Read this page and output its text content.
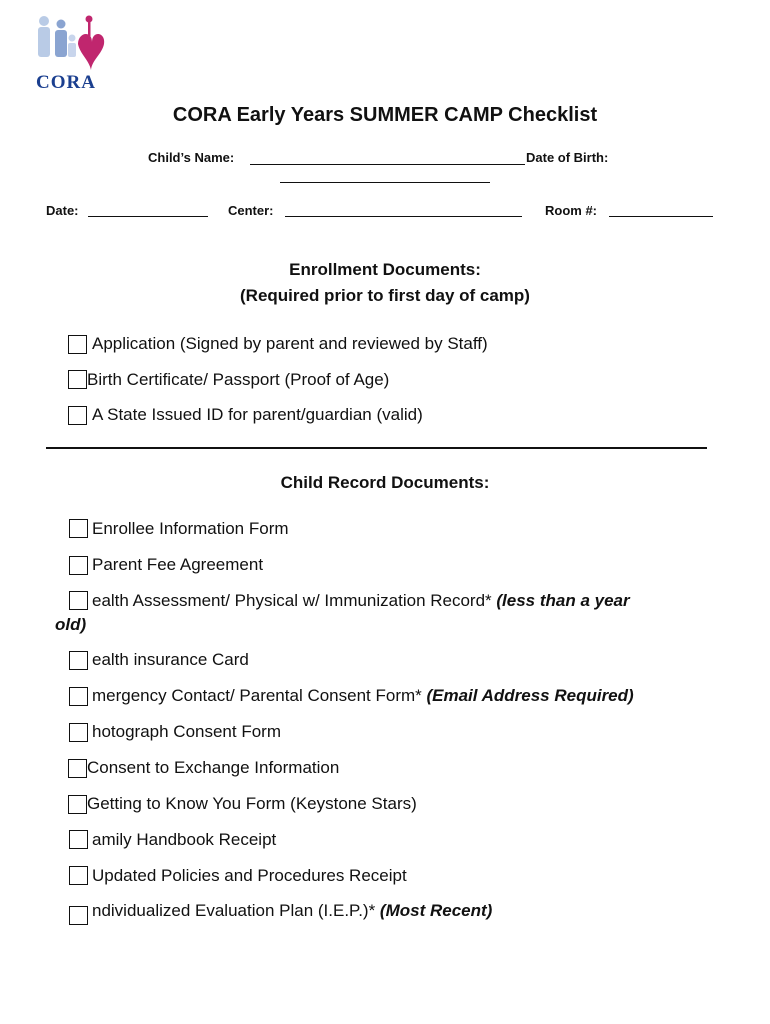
CORA
CORA Early Years SUMMER CAMP Checklist
Child’s Name:	Date of Birth:
Date:	Center:	Room #:
Enrollment Documents:
(Required prior to first day of camp)
Application (Signed by parent and reviewed by Staff)
Birth Certificate/ Passport (Proof of Age)
A State Issued ID for parent/guardian (valid)
Child Record Documents:
Enrollee Information Form
Parent Fee Agreement
ealth Assessment/ Physical w/ Immunization Record* (less than a year
old)
ealth insurance Card
mergency Contact/ Parental Consent Form* (Email Address Required)
hotograph Consent Form
Consent to Exchange Information
Getting to Know You Form (Keystone Stars)
amily Handbook Receipt
Updated Policies and Procedures Receipt
ndividualized Evaluation Plan (I.E.P.)* (Most Recent)
